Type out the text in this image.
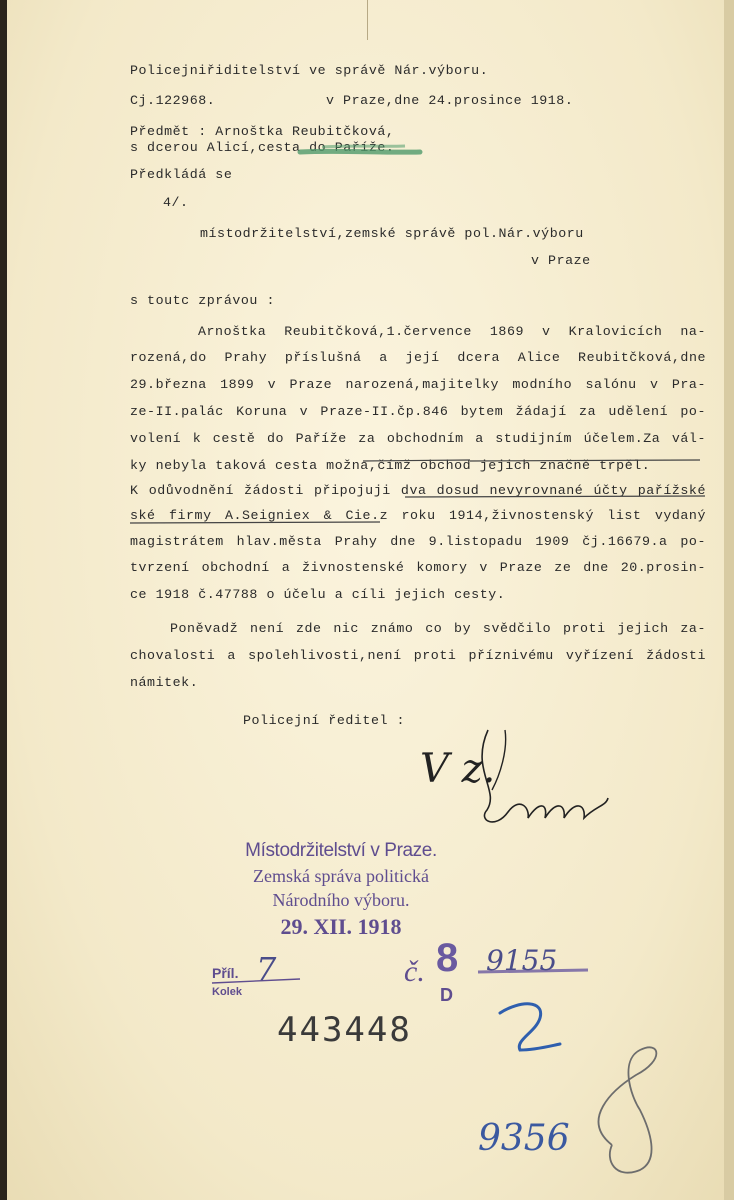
Policejniřiditelství ve správě Nár.výboru.

Cj.122968.	v Praze,dne 24.prosince 1918.

Předmět : Arnoštka Reubitčková,

s dcerou Alicí,cesta do Paříže.

Předkládá se

4/.

místodržitelství,zemské správě pol.Nár.výboru

v Praze

s toutc zprávou :

Arnoštka Reubitčková,1.července 1869 v Kralovicích na-

rozená,do Prahy příslušná a její dcera Alice Reubitčková,dne

29.března 1899 v Praze narozená,majitelky modního salónu v Pra-

ze-II.palác Koruna v Praze-II.čp.846 bytem žádají za udělení po-

volení k cestě do Paříže za obchodním a studijním účelem.Za vál-

ky nebyla taková cesta možna,čímž obchod jejich značně trpěl.

K odůvodnění žádosti připojuji dva dosud nevyrovnané účty pařížské

ské firmy A.Seigniex & Cie.z roku 1914,živnostenský list vydaný

magistrátem hlav.města Prahy dne 9.listopadu 1909 čj.16679.a po-

tvrzení obchodní a živnostenské komory v Praze ze dne 20.prosin-

ce 1918 č.47788 o účelu a cíli jejich cesty.

Poněvadž není zde nic známo co by svědčilo proti jejich za-

chovalosti a spolehlivosti,není proti příznivému vyřízení žádosti

námitek.

Policejní ředitel :

V z.
Místodržitelství v Praze.
Zemská správa politická
Národního výboru.
29. XII. 1918
Příl.
Kolek
7	č. 8
D
9155
443448
9356
